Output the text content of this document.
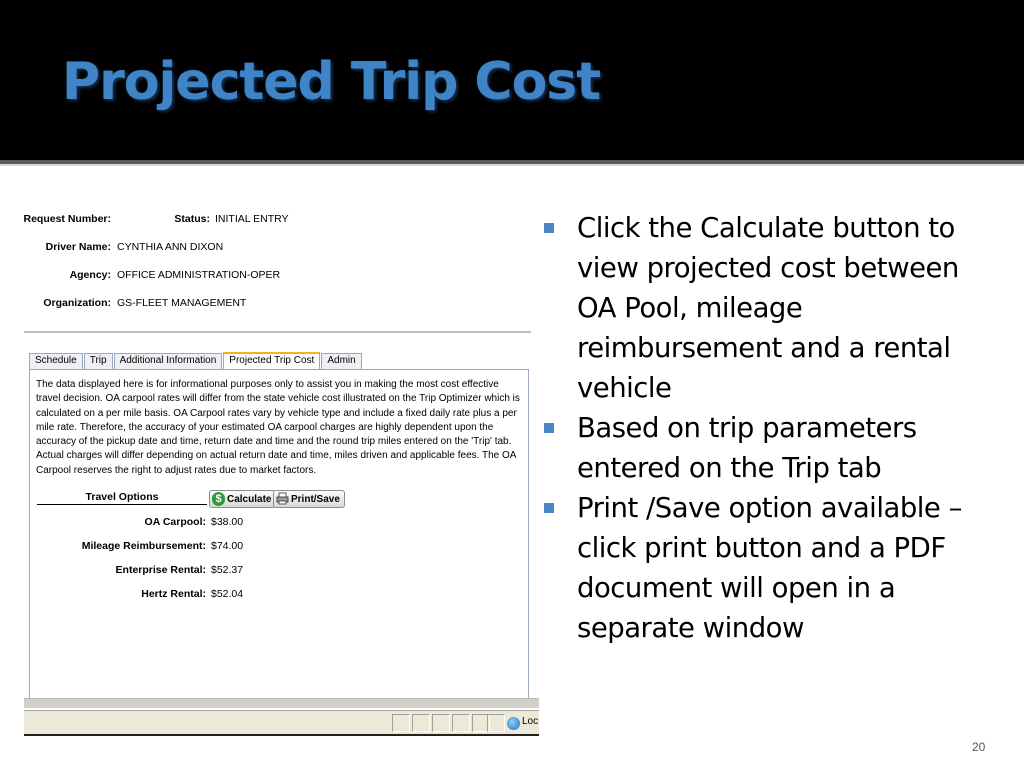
Projected Trip Cost
Request Number:	Status: INITIAL ENTRY
Driver Name: CYNTHIA ANN DIXON
Agency: OFFICE ADMINISTRATION-OPER
Organization: GS-FLEET MANAGEMENT
Schedule	Trip	Additional Information	Projected Trip Cost	Admin
The data displayed here is for informational purposes only to assist you in making the most cost effective travel decision. OA carpool rates will differ from the state vehicle cost illustrated on the Trip Optimizer which is calculated on a per mile basis. OA Carpool rates vary by vehicle type and include a fixed daily rate plus a per mile rate. Therefore, the accuracy of your estimated OA carpool charges are highly dependent upon the accuracy of the pickup date and time, return date and time and the round trip miles entered on the 'Trip' tab. Actual charges will differ depending on actual return date and time, miles driven and applicable fees. The OA Carpool reserves the right to adjust rates due to market factors.
Travel Options	$ Calculate Print/Save
OA Carpool: $38.00
Mileage Reimbursement: $74.00
Enterprise Rental: $52.37
Hertz Rental: $52.04
Loc
Click the Calculate button to view projected cost between OA Pool, mileage reimbursement and a rental vehicle
Based on trip parameters entered on the Trip tab
Print /Save option available – click print button and a PDF document will open in a separate window
20
